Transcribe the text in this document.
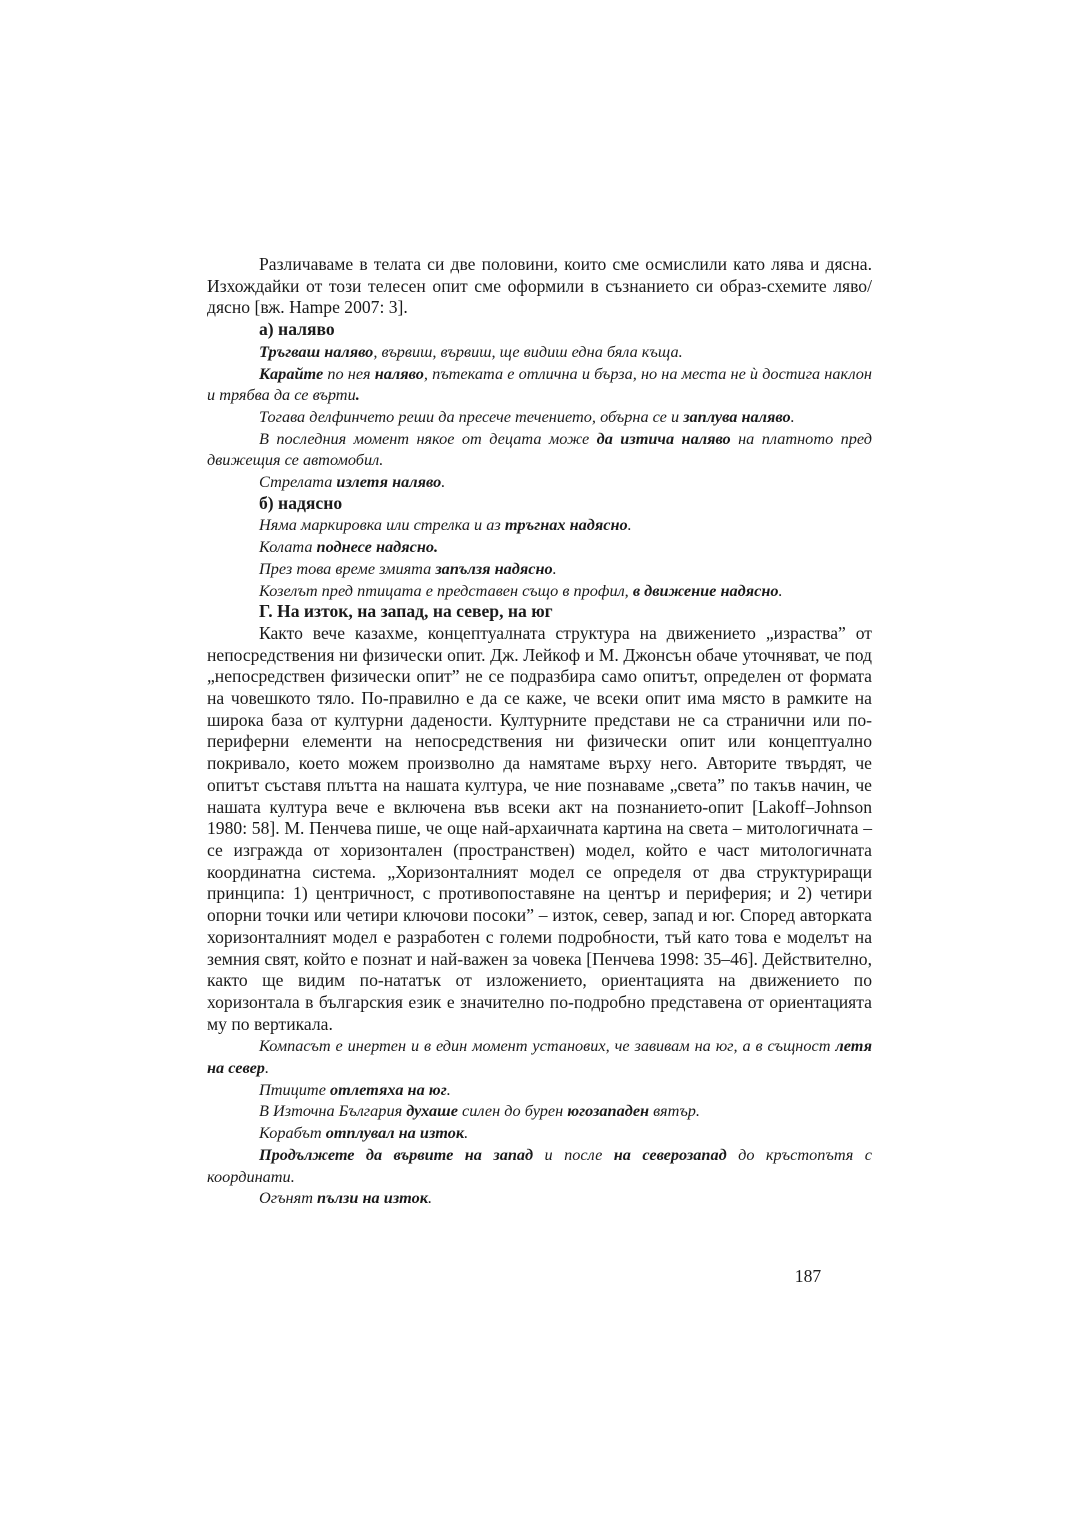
Различаваме в телата си две половини, които сме осмислили като лява и дясна. Изхождайки от този телесен опит сме оформили в съзнанието си образ-схемите ляво/дясно [вж. Hampe 2007: 3].

а) наляво

Тръгваш наляво, вървиш, вървиш, ще видиш една бяла къща.

Карайте по нея наляво, пътеката е отлична и бърза, но на места не ѝ достига наклон и трябва да се върти.

Тогава делфинчето реши да пресече течението, обърна се и заплува наляво.

В последния момент някое от децата може да изтича наляво на платното пред движещия се автомобил.

Стрелата излетя наляво.

б) надясно

Няма маркировка или стрелка и аз тръгнах надясно.

Колата поднесе надясно.

През това време змията запълзя надясно.

Козелът пред птицата е представен също в профил, в движение надясно.

Г. На изток, на запад, на север, на юг

Както вече казахме, концептуалната структура на движението „израства” от непосредствения ни физически опит. Дж. Лейкоф и М. Джонсън обаче уточняват, че под „непосредствен физически опит” не се подразбира само опитът, определен от формата на човешкото тяло. По-правилно е да се каже, че всеки опит има място в рамките на широка база от културни дадености. Културните представи не са странични или по-периферни елементи на непосредствения ни физически опит или концептуално покривало, което можем произволно да намятаме върху него. Авторите твърдят, че опитът съставя плътта на нашата култура, че ние познаваме „света” по такъв начин, че нашата култура вече е включена във всеки акт на познанието-опит [Lakoff–Johnson 1980: 58]. М. Пенчева пише, че още най-архаичната картина на света – митологичната – се изгражда от хоризонтален (пространствен) модел, който е част митологичната координатна система. „Хоризонталният модел се определя от два структуриращи принципа: 1) центричност, с противопоставяне на център и периферия; и 2) четири опорни точки или четири ключови посоки” – изток, север, запад и юг. Според авторката хоризонталният модел е разработен с големи подробности, тъй като това е моделът на земния свят, който е познат и най-важен за човека [Пенчева 1998: 35–46]. Действително, както ще видим по-нататък от изложението, ориентацията на движението по хоризонтала в българския език е значително по-подробно представена от ориентацията му по вертикала.

Компасът е инертен и в един момент установих, че завивам на юг, а в същност летя на север.

Птиците отлетяха на юг.

В Източна България духаше силен до бурен югозападен вятър.

Корабът отплувал на изток.

Продължете да вървите на запад и после на северозапад до кръстопътя с координати.

Огънят пълзи на изток.

187
